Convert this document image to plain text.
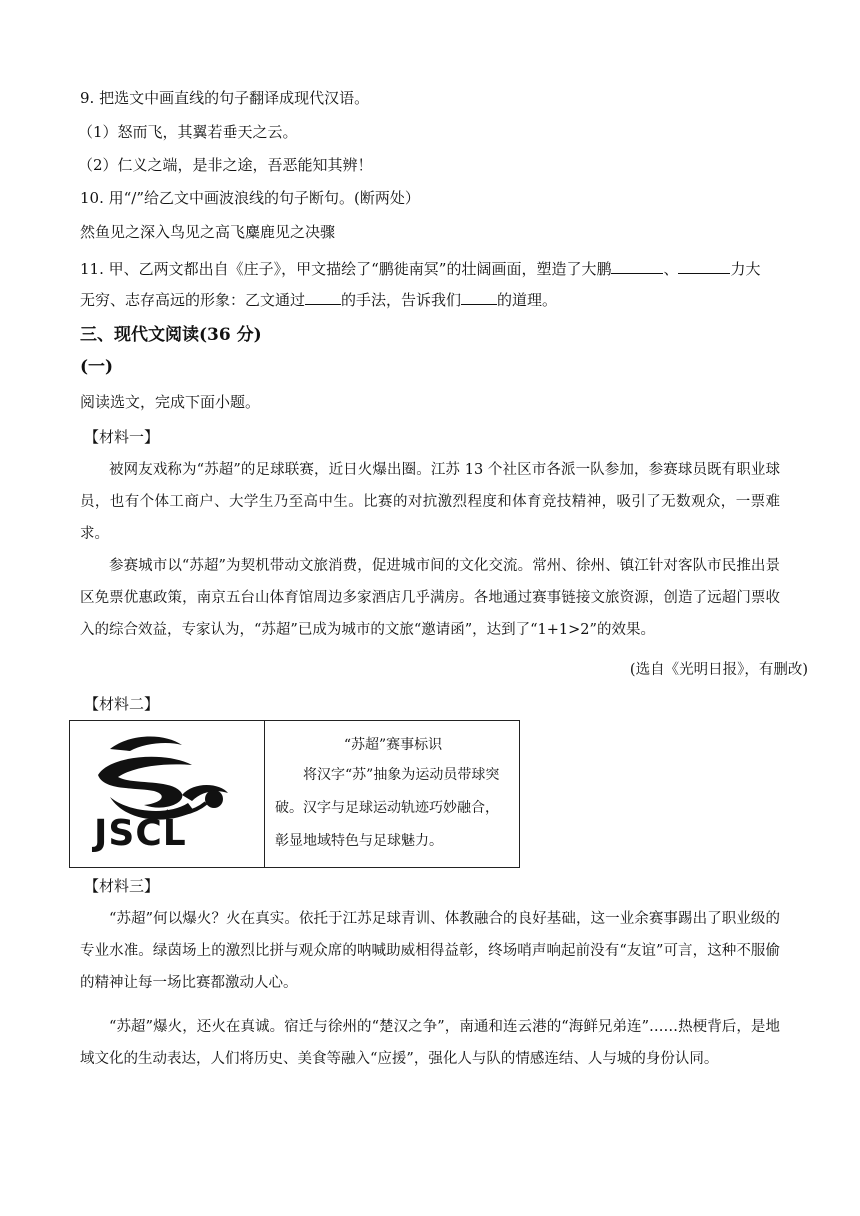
9. 把选文中画直线的句子翻译成现代汉语。
（1）怒而飞，其翼若垂天之云。
（2）仁义之端，是非之途，吾恶能知其辨！
10. 用“/”给乙文中画波浪线的句子断句。(断两处）
然鱼见之深入鸟见之高飞麋鹿见之决骤
11. 甲、乙两文都出自《庄子》，甲文描绘了“鹏徙南冥”的壮阔画面，塑造了大鹏	、	力大
无穷、志存高远的形象：乙文通过 的手法，告诉我们 的道理。
三、现代文阅读(36 分)
(一)
阅读选文，完成下面小题。
【材料一】
被网友戏称为“苏超”的足球联赛，近日火爆出圈。江苏 13 个社区市各派一队参加，参赛球员既有职业球员，也有个体工商户、大学生乃至高中生。比赛的对抗激烈程度和体育竞技精神，吸引了无数观众，一票难求。
参赛城市以“苏超”为契机带动文旅消费，促进城市间的文化交流。常州、徐州、镇江针对客队市民推出景区免票优惠政策，南京五台山体育馆周边多家酒店几乎满房。各地通过赛事链接文旅资源，创造了远超门票收入的综合效益，专家认为，“苏超”已成为城市的文旅“邀请函”，达到了“1+1>2”的效果。
(选自《光明日报》，有删改)
【材料二】
JSCL
“苏超”赛事标识
将汉字“苏”抽象为运动员带球突破。汉字与足球运动轨迹巧妙融合，彰显地域特色与足球魅力。
【材料三】
“苏超”何以爆火？火在真实。依托于江苏足球青训、体教融合的良好基础，这一业余赛事踢出了职业级的专业水准。绿茵场上的激烈比拼与观众席的呐喊助威相得益彰，终场哨声响起前没有“友谊”可言，这种不服偷的精神让每一场比赛都激动人心。
“苏超”爆火，还火在真诚。宿迁与徐州的“楚汉之争”，南通和连云港的“海鲜兄弟连”……热梗背后，是地域文化的生动表达，人们将历史、美食等融入“应援”，强化人与队的情感连结、人与城的身份认同。
